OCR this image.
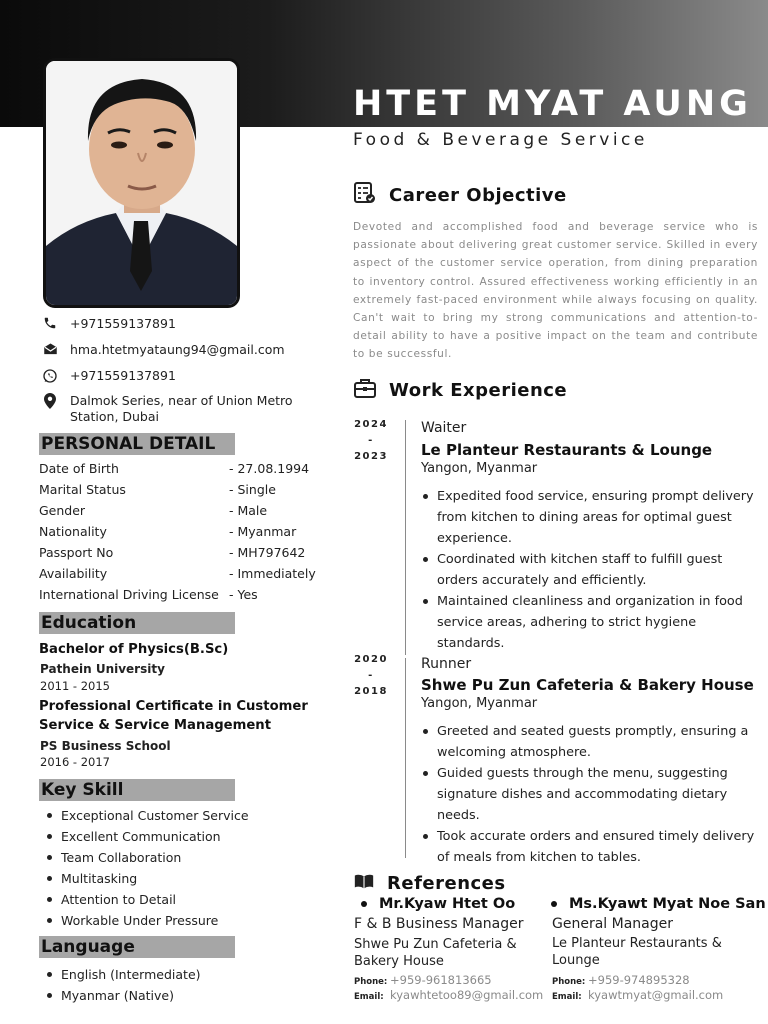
HTET MYAT AUNG

Food & Beverage Service

+971559137891
hma.htetmyataung94@gmail.com
+971559137891
Dalmok Series, near of Union Metro Station, Dubai
PERSONAL DETAIL
Date of Birth	- 27.08.1994
Marital Status	- Single
Gender	- Male
Nationality	- Myanmar
Passport No	- MH797642
Availability	- Immediately
International Driving License - Yes
Education

Bachelor of Physics(B.Sc)

Pathein University

2011 - 2015

Professional Certificate in Customer Service & Service Management

PS Business School

2016 - 2017

Key Skill
Exceptional Customer Service
Excellent Communication
Team Collaboration
Multitasking
Attention to Detail
Workable Under Pressure
Language
English (Intermediate)
Myanmar (Native)
Career Objective

Devoted and accomplished food and beverage service who is passionate about delivering great customer service. Skilled in every aspect of the customer service operation, from dining preparation to inventory control. Assured effectiveness working efficiently in an extremely fast-paced environment while always focusing on quality. Can't wait to bring my strong communications and attention-to-detail ability to have a positive impact on the team and contribute to be successful.

Work Experience
2024
-
2023

Waiter

Le Planteur Restaurants & Lounge

Yangon, Myanmar

Expedited food service, ensuring prompt delivery from kitchen to dining areas for optimal guest experience.
Coordinated with kitchen staff to fulfill guest orders accurately and efficiently.
Maintained cleanliness and organization in food service areas, adhering to strict hygiene standards.
2020
-
2018

Runner

Shwe Pu Zun Cafeteria & Bakery House

Yangon, Myanmar

Greeted and seated guests promptly, ensuring a welcoming atmosphere.
Guided guests through the menu, suggesting signature dishes and accommodating dietary needs.
Took accurate orders and ensured timely delivery of meals from kitchen to tables.
References

Mr.Kyaw Htet Oo

F & B Business Manager

Shwe Pu Zun Cafeteria & Bakery House

Phone: +959-961813665
Email: kyawhtetoo89@gmail.com

Ms.Kyawt Myat Noe San

General Manager

Le Planteur Restaurants & Lounge

Phone: +959-974895328
Email: kyawtmyat@gmail.com
